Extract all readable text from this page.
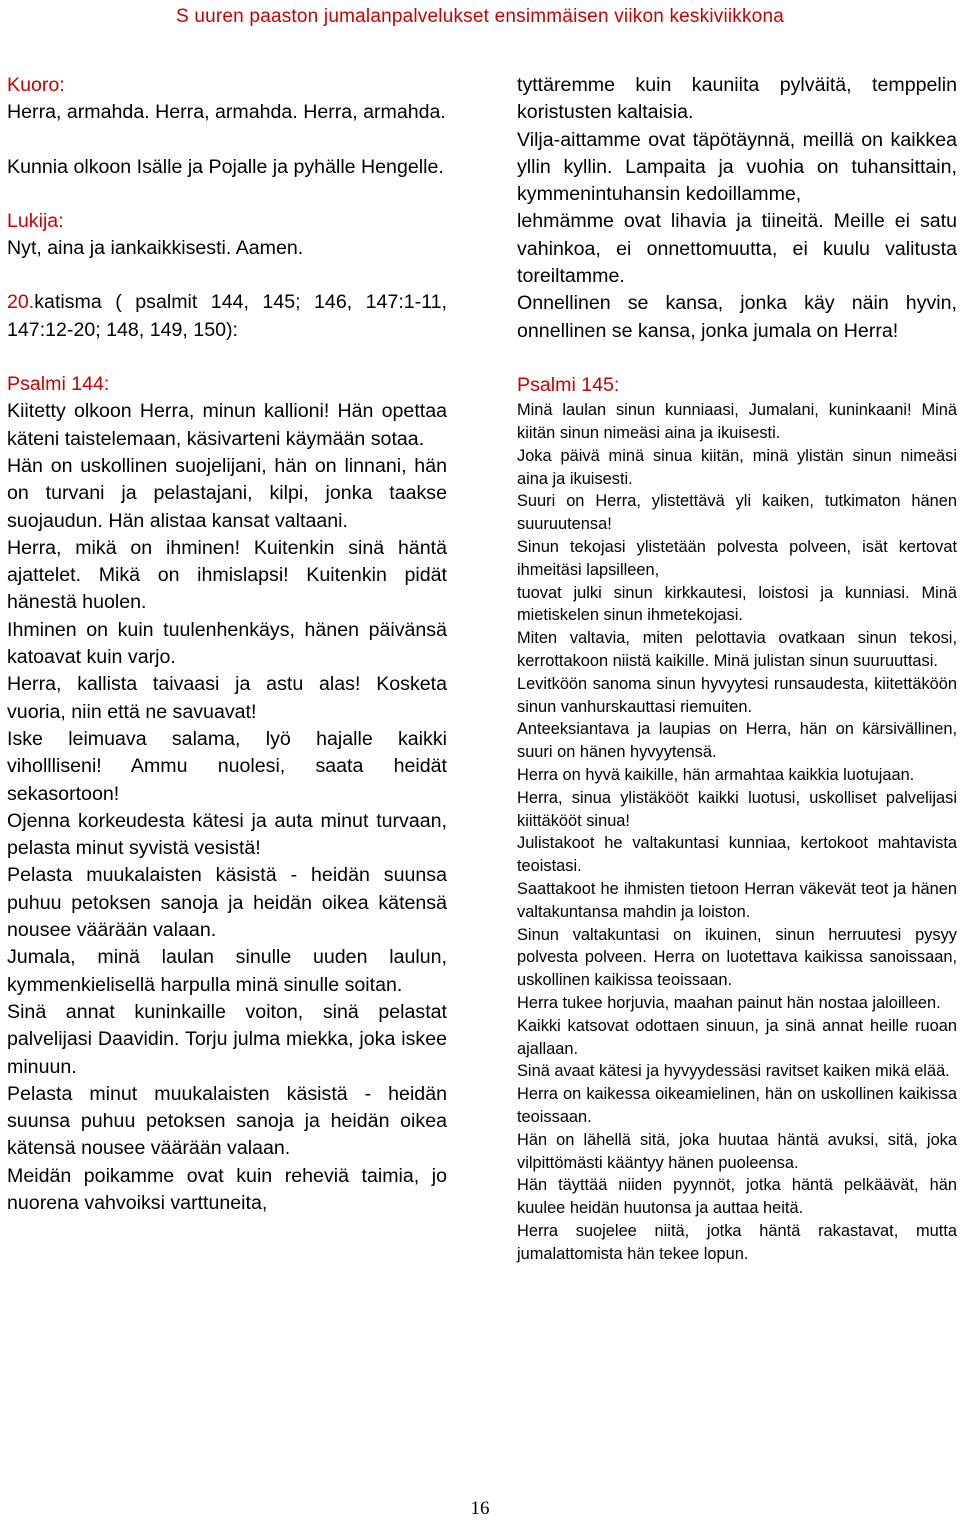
S uuren paaston jumalanpalvelukset ensimmäisen viikon keskiviikkona

Kuoro:

Herra, armahda. Herra, armahda. Herra, armahda.

Kunnia olkoon Isälle ja Pojalle ja pyhälle Hengelle.

Lukija:

Nyt, aina ja iankaikkisesti. Aamen.

20.katisma ( psalmit 144, 145; 146, 147:1-11, 147:12-20; 148, 149, 150):

Psalmi 144:

Kiitetty olkoon Herra, minun kallioni! Hän opettaa käteni taistelemaan, käsivarteni käymään sotaa.

Hän on uskollinen suojelijani, hän on linnani, hän on turvani ja pelastajani, kilpi, jonka taakse suojaudun. Hän alistaa kansat valtaani.

Herra, mikä on ihminen! Kuitenkin sinä häntä ajattelet. Mikä on ihmislapsi! Kuitenkin pidät hänestä huolen.

Ihminen on kuin tuulenhenkäys, hänen päivänsä katoavat kuin varjo.

Herra, kallista taivaasi ja astu alas! Kosketa vuoria, niin että ne savuavat!

Iske leimuava salama, lyö hajalle kaikki vihollliseni! Ammu nuolesi, saata heidät sekasortoon!

Ojenna korkeudesta kätesi ja auta minut turvaan, pelasta minut syvistä vesistä!

Pelasta muukalaisten käsistä - heidän suunsa puhuu petoksen sanoja ja heidän oikea kätensä nousee väärään valaan.

Jumala, minä laulan sinulle uuden laulun, kymmenkielisellä harpulla minä sinulle soitan.

Sinä annat kuninkaille voiton, sinä pelastat palvelijasi Daavidin. Torju julma miekka, joka iskee minuun.

Pelasta minut muukalaisten käsistä - heidän suunsa puhuu petoksen sanoja ja heidän oikea kätensä nousee väärään valaan.

Meidän poikamme ovat kuin reheviä taimia, jo nuorena vahvoiksi varttuneita,

tyttäremme kuin kauniita pylväitä, temppelin koristusten kaltaisia.

Vilja-aittamme ovat täpötäynnä, meillä on kaikkea yllin kyllin. Lampaita ja vuohia on tuhansittain, kymmenintuhansin kedoillamme,

lehmämme ovat lihavia ja tiineitä. Meille ei satu vahinkoa, ei onnettomuutta, ei kuulu valitusta toreiltamme.

Onnellinen se kansa, jonka käy näin hyvin, onnellinen se kansa, jonka jumala on Herra!

Psalmi 145:

Minä laulan sinun kunniaasi, Jumalani, kuninkaani! Minä kiitän sinun nimeäsi aina ja ikuisesti.

Joka päivä minä sinua kiitän, minä ylistän sinun nimeäsi aina ja ikuisesti.

Suuri on Herra, ylistettävä yli kaiken, tutkimaton hänen suuruutensa!

Sinun tekojasi ylistetään polvesta polveen, isät kertovat ihmeitäsi lapsilleen,

tuovat julki sinun kirkkautesi, loistosi ja kunniasi. Minä mietiskelen sinun ihmetekojasi.

Miten valtavia, miten pelottavia ovatkaan sinun tekosi, kerrottakoon niistä kaikille. Minä julistan sinun suuruuttasi.

Levitköön sanoma sinun hyvyytesi runsaudesta, kiitettäköön sinun vanhurskauttasi riemuiten.

Anteeksiantava ja laupias on Herra, hän on kärsivällinen, suuri on hänen hyvyytensä.

Herra on hyvä kaikille, hän armahtaa kaikkia luotujaan.

Herra, sinua ylistäkööt kaikki luotusi, uskolliset palvelijasi kiittäkööt sinua!

Julistakoot he valtakuntasi kunniaa, kertokoot mahtavista teoistasi.

Saattakoot he ihmisten tietoon Herran väkevät teot ja hänen valtakuntansa mahdin ja loiston.

Sinun valtakuntasi on ikuinen, sinun herruutesi pysyy polvesta polveen. Herra on luotettava kaikissa sanoissaan, uskollinen kaikissa teoissaan.

Herra tukee horjuvia, maahan painut hän nostaa jaloilleen.

Kaikki katsovat odottaen sinuun, ja sinä annat heille ruoan ajallaan.

Sinä avaat kätesi ja hyvyydessäsi ravitset kaiken mikä elää.

Herra on kaikessa oikeamielinen, hän on uskollinen kaikissa teoissaan.

Hän on lähellä sitä, joka huutaa häntä avuksi, sitä, joka vilpittömästi kääntyy hänen puoleensa.

Hän täyttää niiden pyynnöt, jotka häntä pelkäävät, hän kuulee heidän huutonsa ja auttaa heitä.

Herra suojelee niitä, jotka häntä rakastavat, mutta jumalattomista hän tekee lopun.

16
